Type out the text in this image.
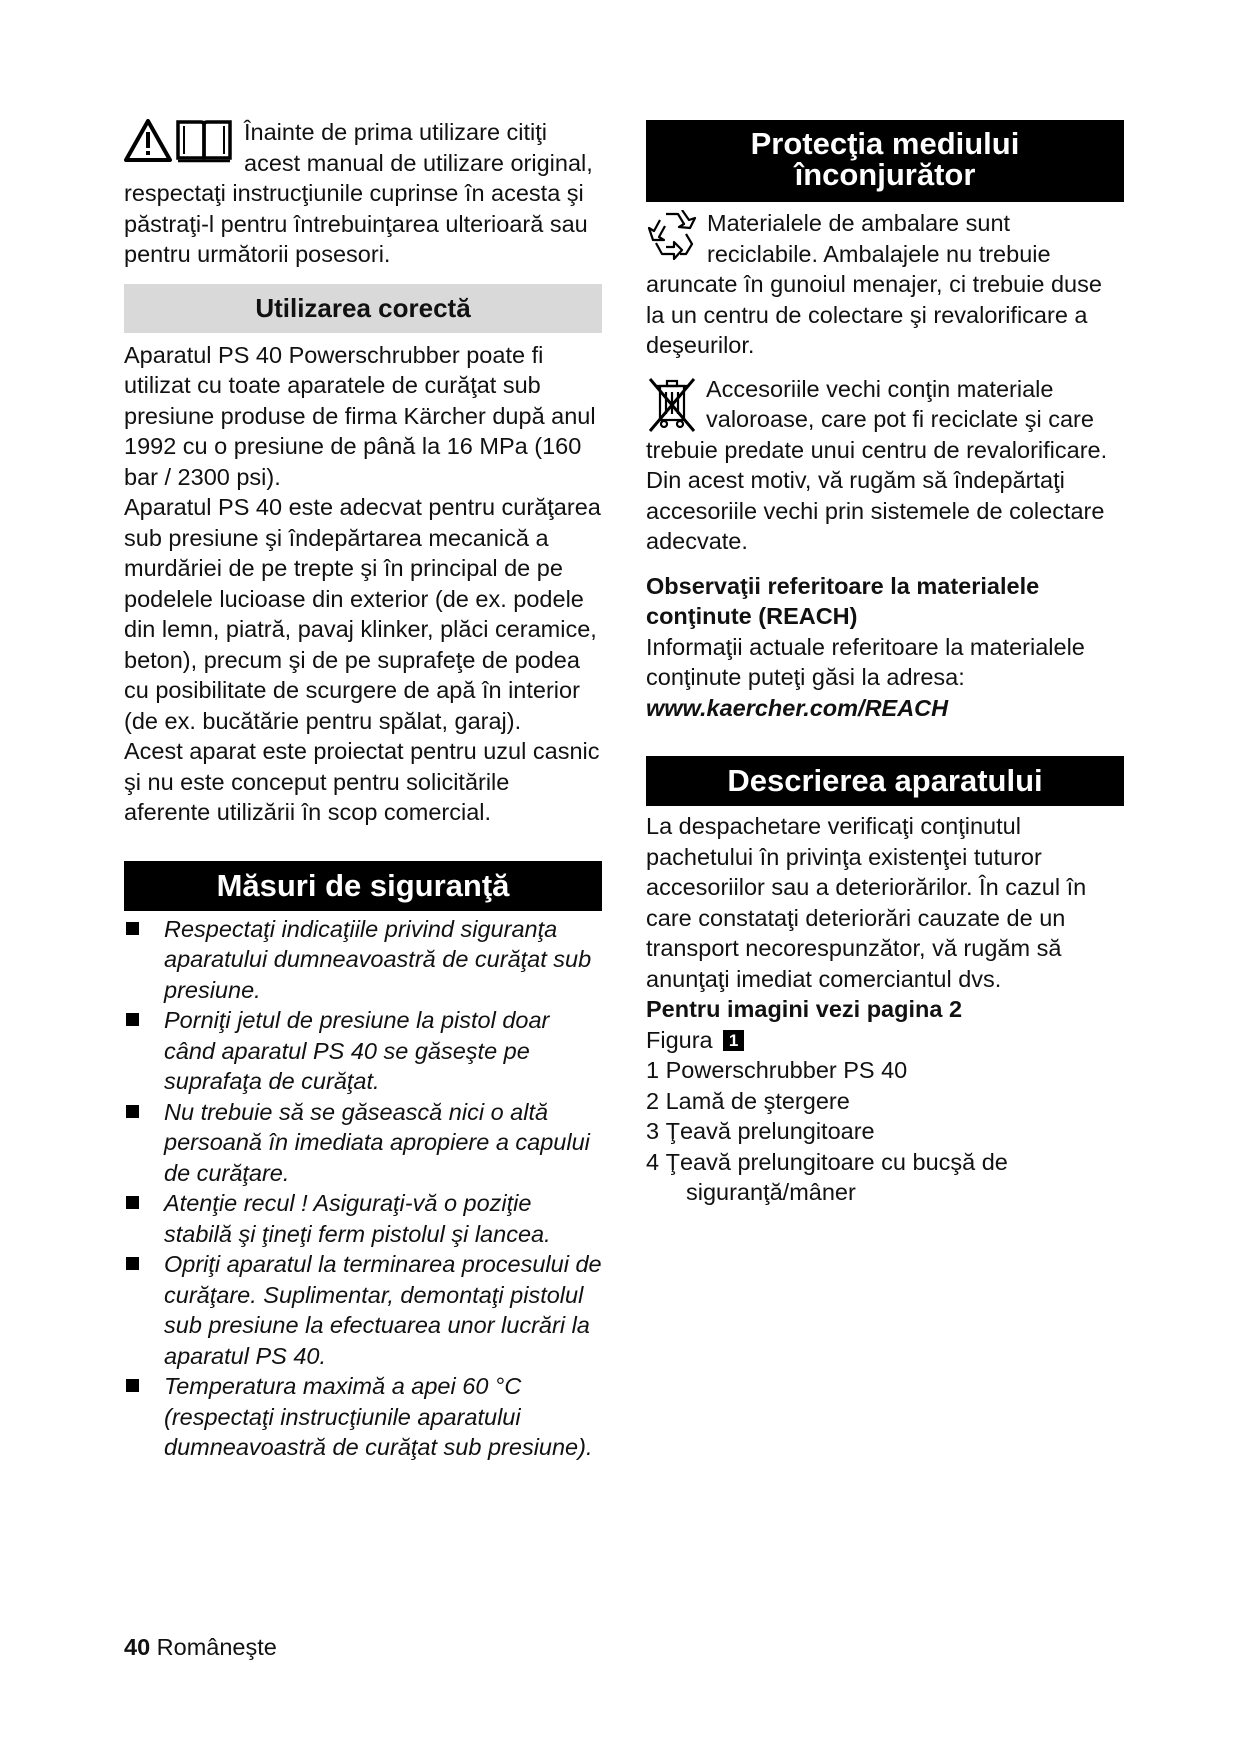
Înainte de prima utilizare citiţi acest manual de utilizare original, respectaţi instrucţiunile cuprinse în acesta şi păstraţi-l pentru întrebuinţarea ulterioară sau pentru următorii posesori.

Utilizarea corectă

Aparatul PS 40 Powerschrubber poate fi utilizat cu toate aparatele de curăţat sub presiune produse de firma Kärcher după anul 1992 cu o presiune de până la 16 MPa (160 bar / 2300 psi).

Aparatul PS 40 este adecvat pentru curăţarea sub presiune şi îndepărtarea mecanică a murdăriei de pe trepte şi în principal de pe podelele lucioase din exterior (de ex. podele din lemn, piatră, pavaj klinker, plăci ceramice, beton), precum şi de pe suprafeţe de podea cu posibilitate de scurgere de apă în interior (de ex. bucătărie pentru spălat, garaj).

Acest aparat este proiectat pentru uzul casnic şi nu este conceput pentru solicitările aferente utilizării în scop comercial.

Măsuri de siguranţă
Respectaţi indicaţiile privind siguranţa aparatului dumneavoastră de curăţat sub presiune.
Porniţi jetul de presiune la pistol doar când aparatul PS 40 se găseşte pe suprafaţa de curăţat.
Nu trebuie să se găsească nici o altă persoană în imediata apropiere a capului de curăţare.
Atenţie recul ! Asiguraţi-vă o poziţie stabilă şi ţineţi ferm pistolul şi lancea.
Opriţi aparatul la terminarea procesului de curăţare. Suplimentar, demontaţi pistolul sub presiune la efectuarea unor lucrări la aparatul PS 40.
Temperatura maximă a apei 60 °C (respectaţi instrucţiunile aparatului dumneavoastră de curăţat sub presiune).
Protecţia mediului
înconjurător

Materialele de ambalare sunt reciclabile. Ambalajele nu trebuie aruncate în gunoiul menajer, ci trebuie duse la un centru de colectare şi revalorificare a deşeurilor.

Accesoriile vechi conţin materiale valoroase, care pot fi reciclate şi care trebuie predate unui centru de revalorificare. Din acest motiv, vă rugăm să îndepărtaţi accesoriile vechi prin sistemele de colectare adecvate.

Observaţii referitoare la materialele conţinute (REACH)

Informaţii actuale referitoare la materialele conţinute puteţi găsi la adresa:

www.kaercher.com/REACH

Descrierea aparatului

La despachetare verificaţi conţinutul pachetului în privinţa existenţei tuturor accesoriilor sau a deteriorărilor. În cazul în care constataţi deteriorări cauzate de un transport necorespunzător, vă rugăm să anunţaţi imediat comerciantul dvs.

Pentru imagini vezi pagina 2

Figura 1

1 Powerschrubber PS 40
2 Lamă de ştergere
3 Ţeavă prelungitoare
4 Ţeavă prelungitoare cu bucşă de siguranţă/mâner
40 Româneşte
